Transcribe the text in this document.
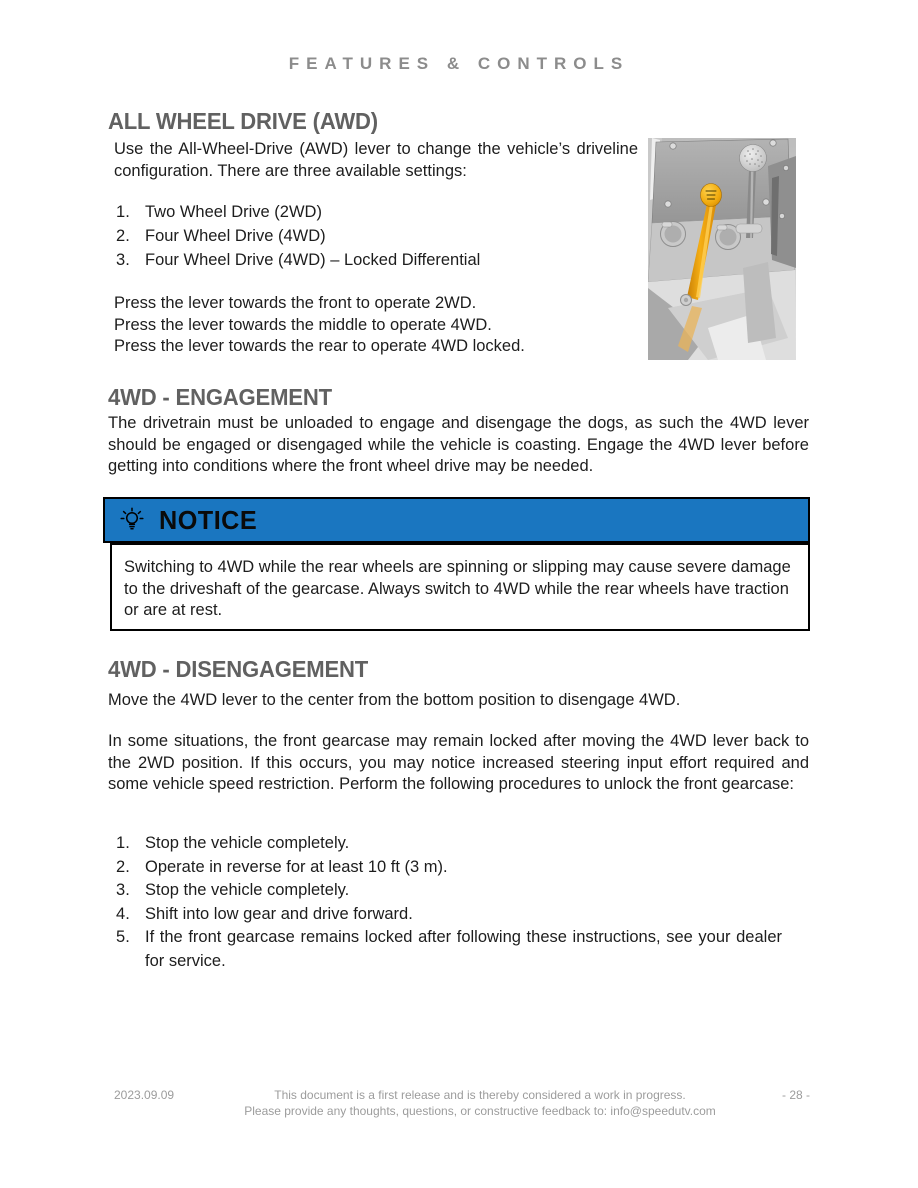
FEATURES & CONTROLS
ALL WHEEL DRIVE (AWD)
Use the All-Wheel-Drive (AWD) lever to change the vehicle’s driveline configuration. There are three available settings:
Two Wheel Drive (2WD)
Four Wheel Drive (4WD)
Four Wheel Drive (4WD) – Locked Differential
Press the lever towards the front to operate 2WD.
Press the lever towards the middle to operate 4WD.
Press the lever towards the rear to operate 4WD locked.
4WD - ENGAGEMENT
The drivetrain must be unloaded to engage and disengage the dogs, as such the 4WD lever should be engaged or disengaged while the vehicle is coasting. Engage the 4WD lever before getting into conditions where the front wheel drive may be needed.
NOTICE
Switching to 4WD while the rear wheels are spinning or slipping may cause severe damage to the driveshaft of the gearcase. Always switch to 4WD while the rear wheels have traction or are at rest.
4WD - DISENGAGEMENT
Move the 4WD lever to the center from the bottom position to disengage 4WD.
In some situations, the front gearcase may remain locked after moving the 4WD lever back to the 2WD position. If this occurs, you may notice increased steering input effort required and some vehicle speed restriction. Perform the following procedures to unlock the front gearcase:
Stop the vehicle completely.
Operate in reverse for at least 10 ft (3 m).
Stop the vehicle completely.
Shift into low gear and drive forward.
If the front gearcase remains locked after following these instructions, see your dealer for service.
2023.09.09	This document is a first release and is thereby considered a work in progress.
Please provide any thoughts, questions, or constructive feedback to: info@speedutv.com
- 28 -
